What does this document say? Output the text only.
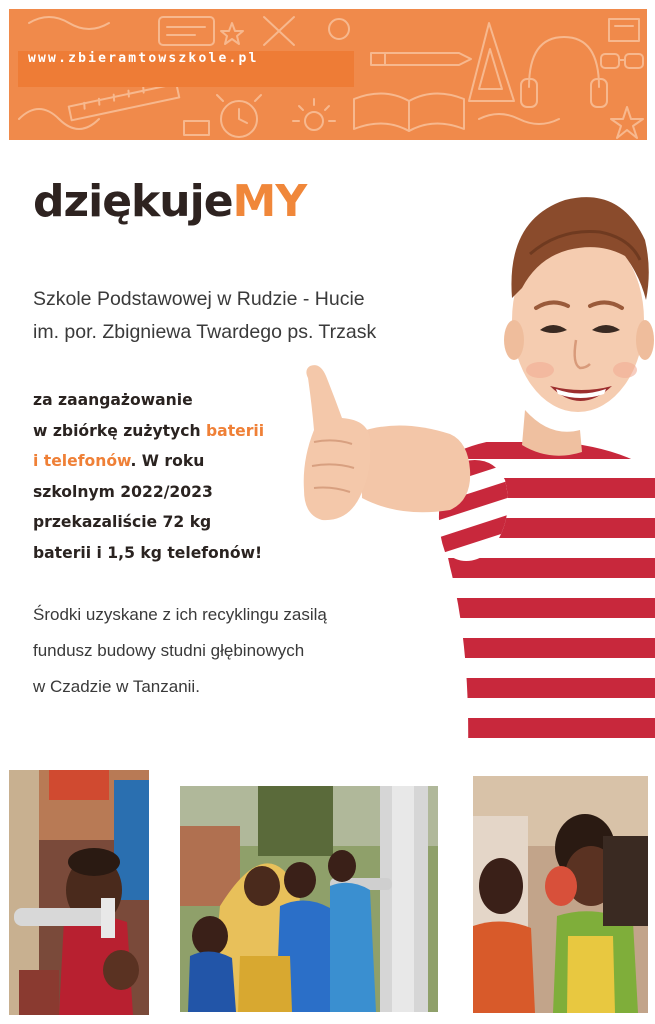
www.zbieramtowszkole.pl
dziękujeMY
Szkole Podstawowej w Rudzie - Hucie
im. por. Zbigniewa Twardego ps. Trzask
za zaangażowanie
w zbiórkę zużytych baterii
i telefonów. W roku
szkolnym 2022/2023
przekazaliście 72 kg
baterii i 1,5 kg telefonów!
Środki uzyskane z ich recyklingu zasilą
fundusz budowy studni głębinowych
w Czadzie w Tanzanii.
